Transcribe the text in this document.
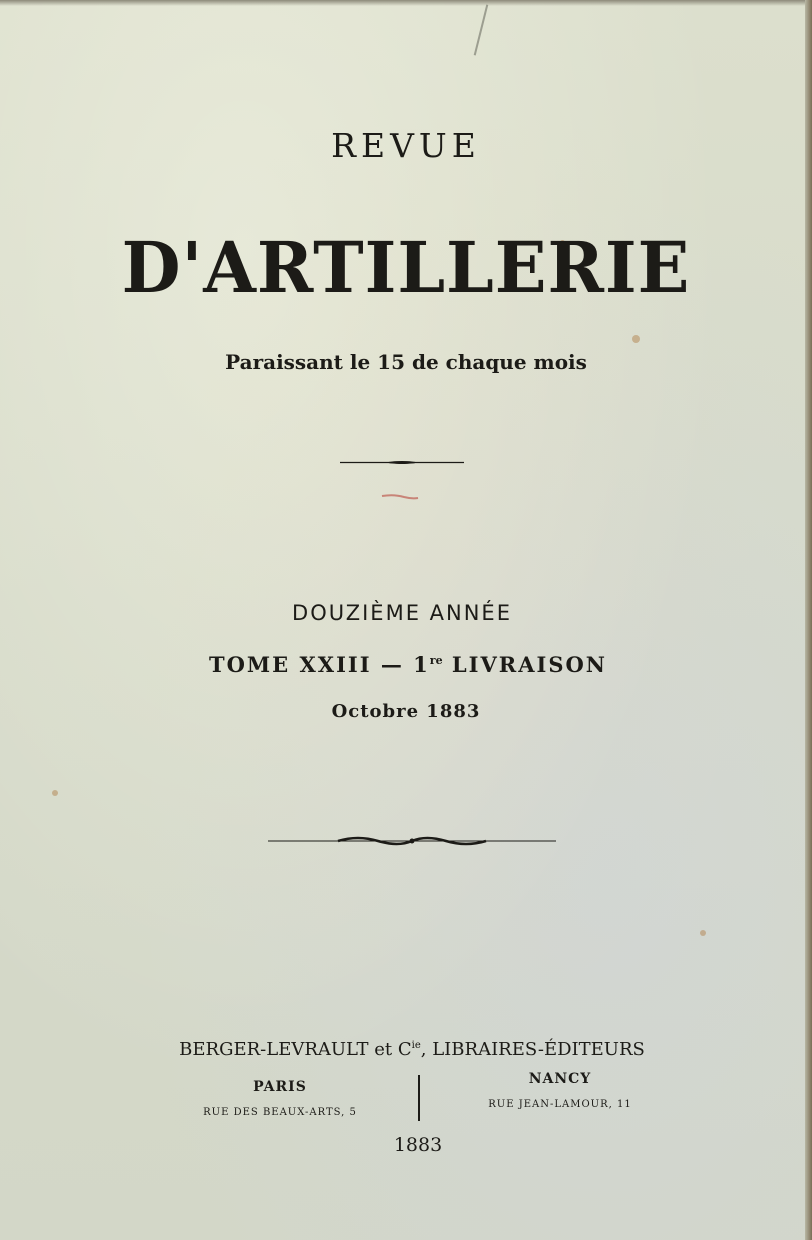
REVUE
D'ARTILLERIE
Paraissant le 15 de chaque mois
DOUZIÈME ANNÉE
TOME XXIII — 1re LIVRAISON
Octobre 1883
BERGER-LEVRAULT et $C^{ie}$, LIBRAIRES-ÉDITEURS
PARIS
RUE DES BEAUX-ARTS, 5
NANCY
RUE JEAN-LAMOUR, 11
1883
